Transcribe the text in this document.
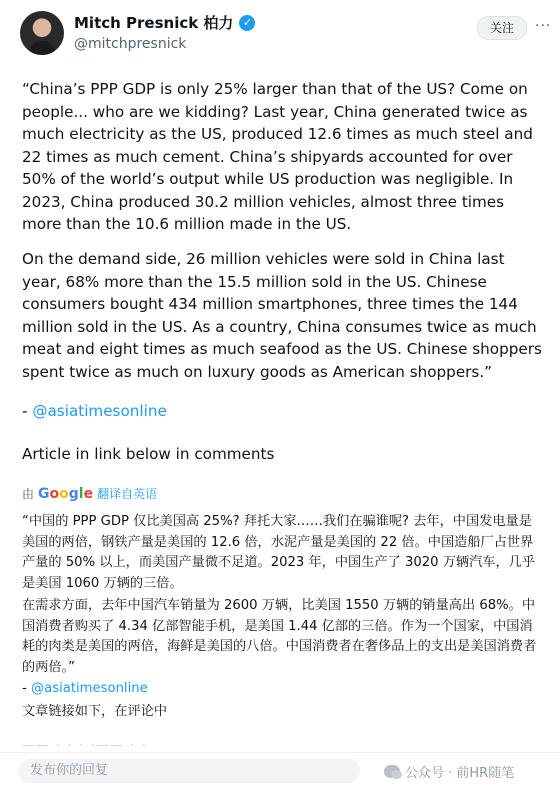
Mitch Presnick 柏力 ✓
@mitchpresnick
关注	···
“China’s PPP GDP is only 25% larger than that of the US? Come on people... who are we kidding? Last year, China generated twice as much electricity as the US, produced 12.6 times as much steel and 22 times as much cement. China’s shipyards accounted for over 50% of the world’s output while US production was negligible. In 2023, China produced 30.2 million vehicles, almost three times more than the 10.6 million made in the US.
On the demand side, 26 million vehicles were sold in China last year, 68% more than the 15.5 million sold in the US. Chinese consumers bought 434 million smartphones, three times the 144 million sold in the US. As a country, China consumes twice as much meat and eight times as much seafood as the US. Chinese shoppers spent twice as much on luxury goods as American shoppers.”
- @asiatimesonline
Article in link below in comments
由 Google 翻译自英语
“中国的 PPP GDP 仅比美国高 25%? 拜托大家……我们在骗谁呢? 去年，中国发电量是美国的两倍，钢铁产量是美国的 12.6 倍，水泥产量是美国的 22 倍。中国造船厂占世界产量的 50% 以上，而美国产量微不足道。2023 年，中国生产了 3020 万辆汽车，几乎是美国 1060 万辆的三倍。
在需求方面，去年中国汽车销量为 2600 万辆，比美国 1550 万辆的销量高出 68%。中国消费者购买了 4.34 亿部智能手机，是美国 1.44 亿部的三倍。作为一个国家，中国消耗的肉类是美国的两倍，海鲜是美国的八倍。中国消费者在奢侈品上的支出是美国消费者的两倍。”
- @asiatimesonline
文章链接如下，在评论中
—— · · · ·—— · ·
发布你的回复	公众号 · 前HR随笔
